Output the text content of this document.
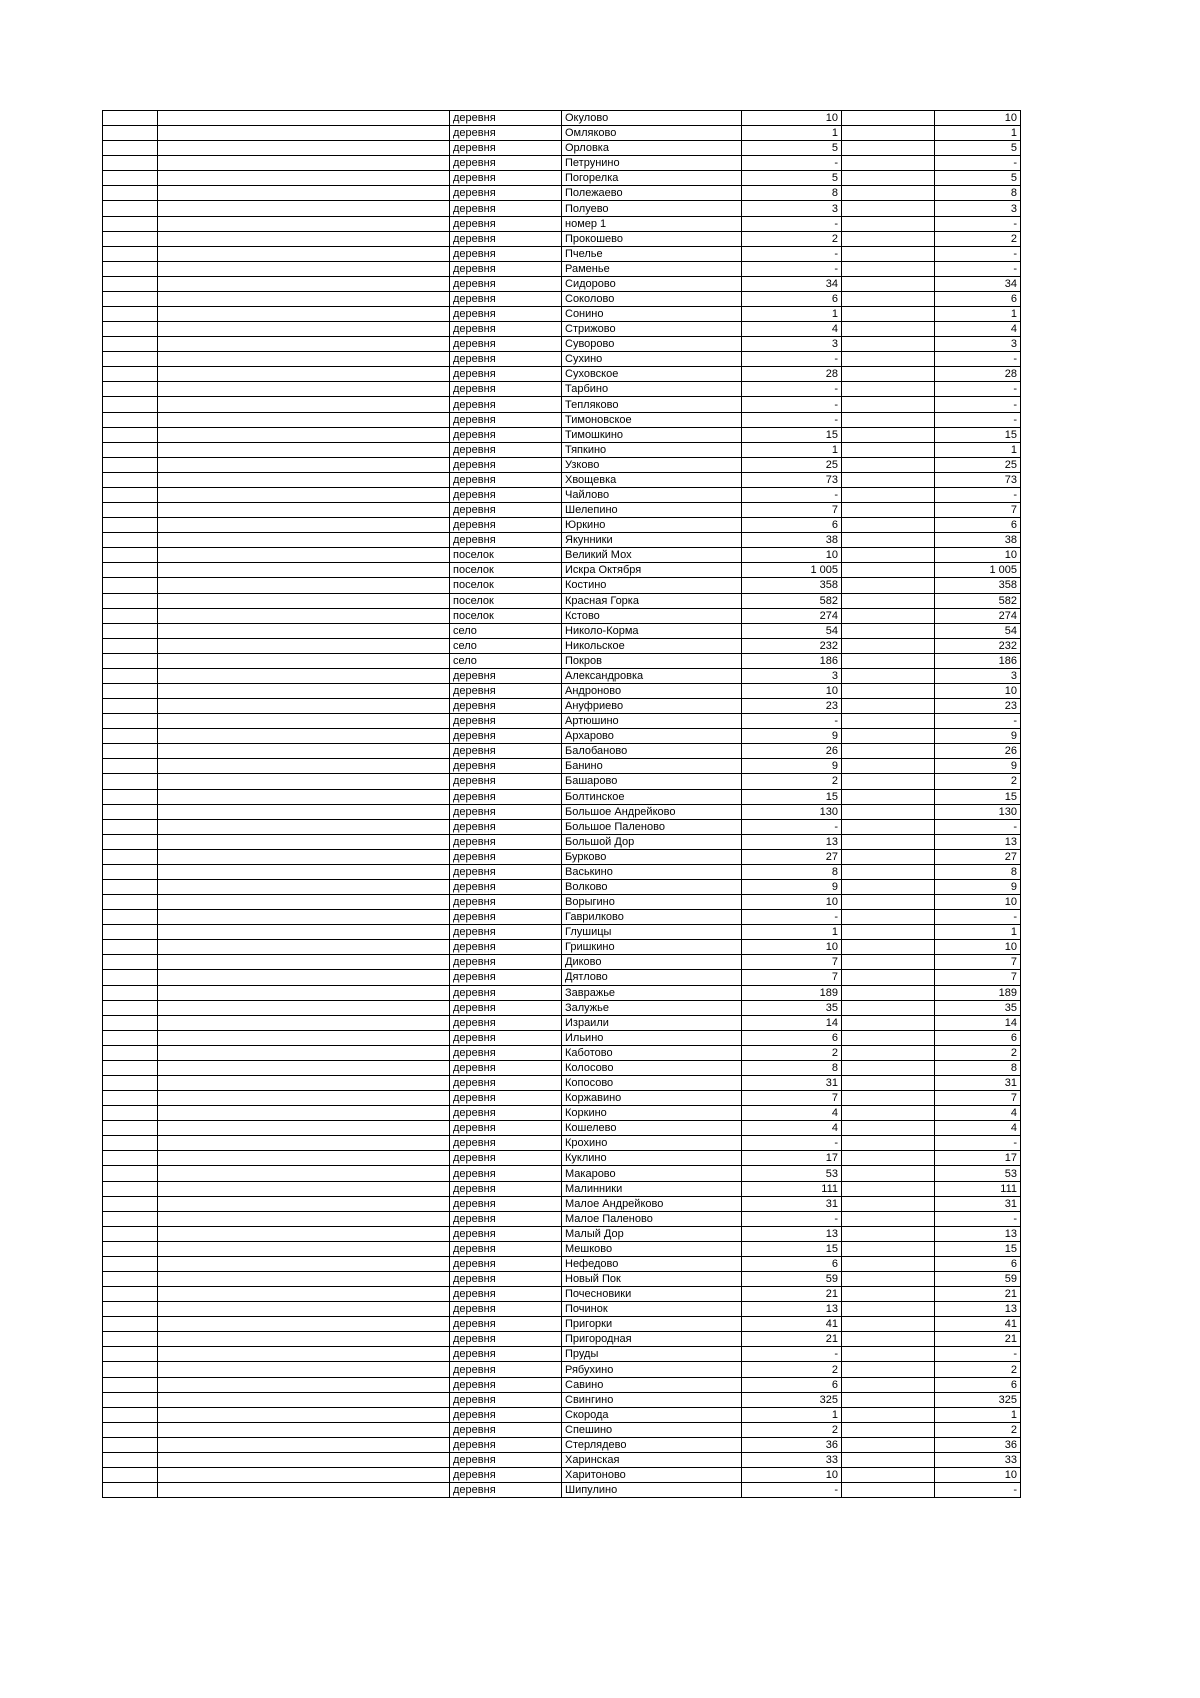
		деревня	Окулово	10		10
		деревня	Омляково	1		1
		деревня	Орловка	5		5
		деревня	Петрунино	-		-
		деревня	Погорелка	5		5
		деревня	Полежаево	8		8
		деревня	Полуево	3		3
		деревня	номер 1	-		-
		деревня	Прокошево	2		2
		деревня	Пчелье	-		-
		деревня	Раменье	-		-
		деревня	Сидорово	34		34
		деревня	Соколово	6		6
		деревня	Сонино	1		1
		деревня	Стрижово	4		4
		деревня	Суворово	3		3
		деревня	Сухино	-		-
		деревня	Суховское	28		28
		деревня	Тарбино	-		-
		деревня	Тепляково	-		-
		деревня	Тимоновское	-		-
		деревня	Тимошкино	15		15
		деревня	Тяпкино	1		1
		деревня	Узково	25		25
		деревня	Хвощевка	73		73
		деревня	Чайлово	-		-
		деревня	Шелепино	7		7
		деревня	Юркино	6		6
		деревня	Якунники	38		38
		поселок	Великий Мох	10		10
		поселок	Искра Октября	1 005		1 005
		поселок	Костино	358		358
		поселок	Красная Горка	582		582
		поселок	Кстово	274		274
		село	Николо-Корма	54		54
		село	Никольское	232		232
		село	Покров	186		186
		деревня	Александровка	3		3
		деревня	Андроново	10		10
		деревня	Ануфриево	23		23
		деревня	Артюшино	-		-
		деревня	Архарово	9		9
		деревня	Балобаново	26		26
		деревня	Банино	9		9
		деревня	Башарово	2		2
		деревня	Болтинское	15		15
		деревня	Большое Андрейково	130		130
		деревня	Большое Паленово	-		-
		деревня	Большой Дор	13		13
		деревня	Бурково	27		27
		деревня	Васькино	8		8
		деревня	Волково	9		9
		деревня	Ворыгино	10		10
		деревня	Гаврилково	-		-
		деревня	Глушицы	1		1
		деревня	Гришкино	10		10
		деревня	Диково	7		7
		деревня	Дятлово	7		7
		деревня	Завражье	189		189
		деревня	Залужье	35		35
		деревня	Израили	14		14
		деревня	Ильино	6		6
		деревня	Каботово	2		2
		деревня	Колосово	8		8
		деревня	Копосово	31		31
		деревня	Коржавино	7		7
		деревня	Коркино	4		4
		деревня	Кошелево	4		4
		деревня	Крохино	-		-
		деревня	Куклино	17		17
		деревня	Макарово	53		53
		деревня	Малинники	111		111
		деревня	Малое Андрейково	31		31
		деревня	Малое Паленово	-		-
		деревня	Малый Дор	13		13
		деревня	Мешково	15		15
		деревня	Нефедово	6		6
		деревня	Новый Пок	59		59
		деревня	Почесновики	21		21
		деревня	Починок	13		13
		деревня	Пригорки	41		41
		деревня	Пригородная	21		21
		деревня	Пруды	-		-
		деревня	Рябухино	2		2
		деревня	Савино	6		6
		деревня	Свингино	325		325
		деревня	Скорода	1		1
		деревня	Спешино	2		2
		деревня	Стерлядево	36		36
		деревня	Харинская	33		33
		деревня	Харитоново	10		10
		деревня	Шипулино	-		-
